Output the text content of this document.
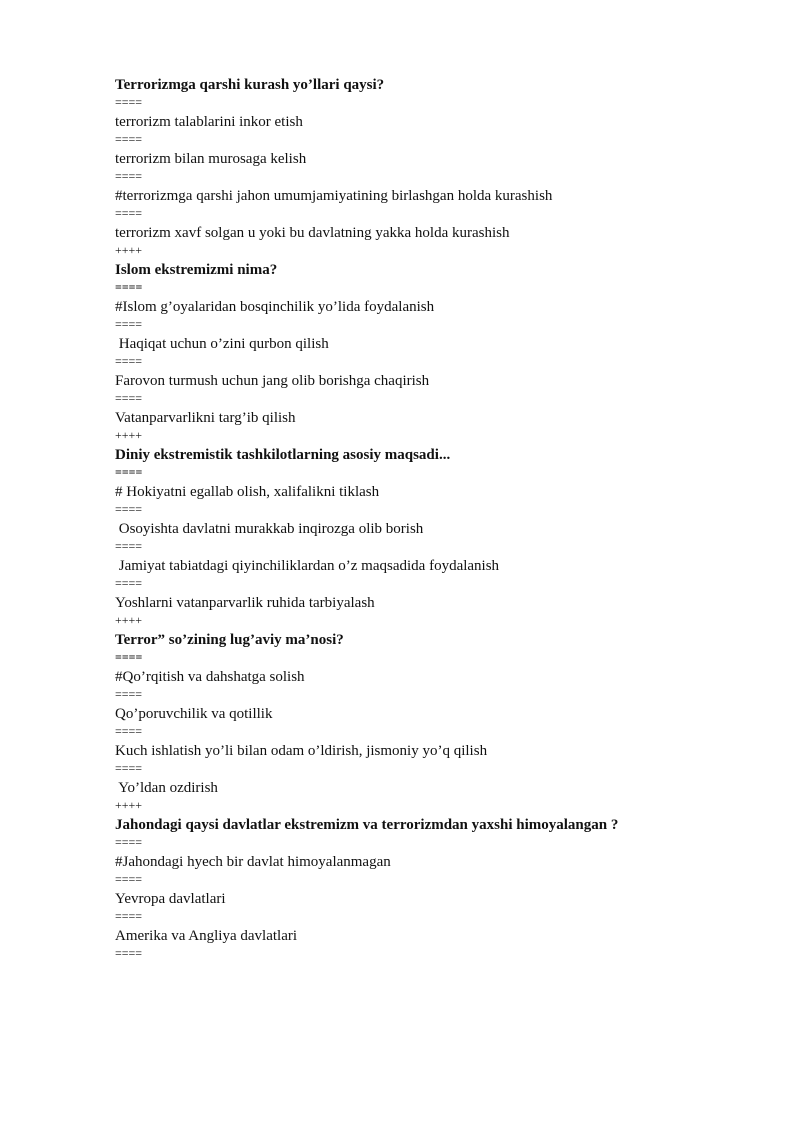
Terrorizmga qarshi kurash yo’llari qaysi?
====
terrorizm talablarini inkor etish
====
terrorizm bilan murosaga kelish
====
#terrorizmga qarshi jahon umumjamiyatining birlashgan holda kurashish
====
terrorizm xavf solgan u yoki bu davlatning yakka holda kurashish
++++
Islom ekstremizmi nima?
====
#Islom g’oyalaridan bosqinchilik yo’lida foydalanish
====
Haqiqat uchun o’zini qurbon qilish
====
Farovon turmush uchun jang olib borishga chaqirish
====
Vatanparvarlikni targ’ib qilish
++++
Diniy ekstremistik tashkilotlarning asosiy maqsadi...
====
# Hokiyatni egallab olish, xalifalikni tiklash
====
Osoyishta davlatni murakkab inqirozga olib borish
====
Jamiyat tabiatdagi qiyinchiliklardan o’z maqsadida foydalanish
====
Yoshlarni vatanparvarlik ruhida tarbiyalash
++++
Terror” so’zining lug’aviy ma’nosi?
====
#Qo’rqitish va dahshatga solish
====
Qo’poruvchilik va qotillik
====
Kuch ishlatish yo’li bilan odam o’ldirish, jismoniy yo’q qilish
====
Yo’ldan ozdirish
++++
Jahondagi qaysi davlatlar ekstremizm va terrorizmdan yaxshi himoyalangan ?
====
#Jahondagi hyech bir davlat himoyalanmagan
====
Yevropa davlatlari
====
Amerika va Angliya davlatlari
====
